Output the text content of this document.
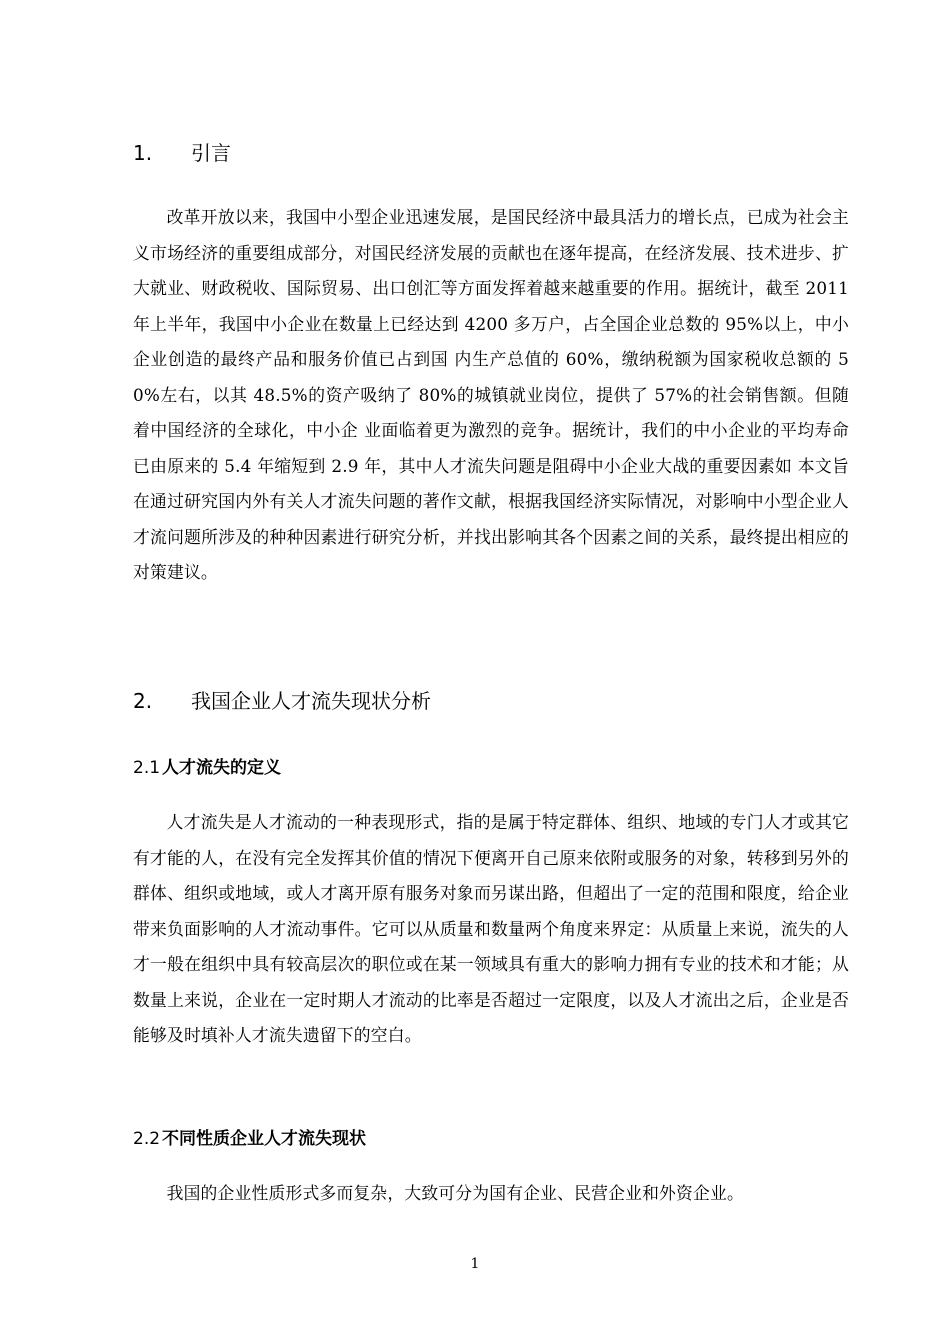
1. 引言
改革开放以来，我国中小型企业迅速发展，是国民经济中最具活力的增长点，已成为社会主义市场经济的重要组成部分，对国民经济发展的贡献也在逐年提高，在经济发展、技术进步、扩大就业、财政税收、国际贸易、出口创汇等方面发挥着越来越重要的作用。据统计，截至 2011 年上半年，我国中小企业在数量上已经达到 4200 多万户，占全国企业总数的 95%以上，中小企业创造的最终产品和服务价值已占到国 内生产总值的 60%，缴纳税额为国家税收总额的 50%左右，以其 48.5%的资产吸纳了 80%的城镇就业岗位，提供了 57%的社会销售额。但随着中国经济的全球化，中小企 业面临着更为激烈的竞争。据统计，我们的中小企业的平均寿命已由原来的 5.4 年缩短到 2.9 年，其中人才流失问题是阻碍中小企业大战的重要因素如 本文旨在通过研究国内外有关人才流失问题的著作文献，根据我国经济实际情况，对影响中小型企业人才流问题所涉及的种种因素进行研究分析，并找出影响其各个因素之间的关系，最终提出相应的对策建议。
2. 我国企业人才流失现状分析
2.1 人才流失的定义
人才流失是人才流动的一种表现形式，指的是属于特定群体、组织、地域的专门人才或其它有才能的人，在没有完全发挥其价值的情况下便离开自己原来依附或服务的对象，转移到另外的群体、组织或地域，或人才离开原有服务对象而另谋出路，但超出了一定的范围和限度，给企业带来负面影响的人才流动事件。它可以从质量和数量两个角度来界定：从质量上来说，流失的人才一般在组织中具有较高层次的职位或在某一领域具有重大的影响力拥有专业的技术和才能；从数量上来说，企业在一定时期人才流动的比率是否超过一定限度，以及人才流出之后，企业是否能够及时填补人才流失遗留下的空白。
2.2 不同性质企业人才流失现状
我国的企业性质形式多而复杂，大致可分为国有企业、民营企业和外资企业。
1
